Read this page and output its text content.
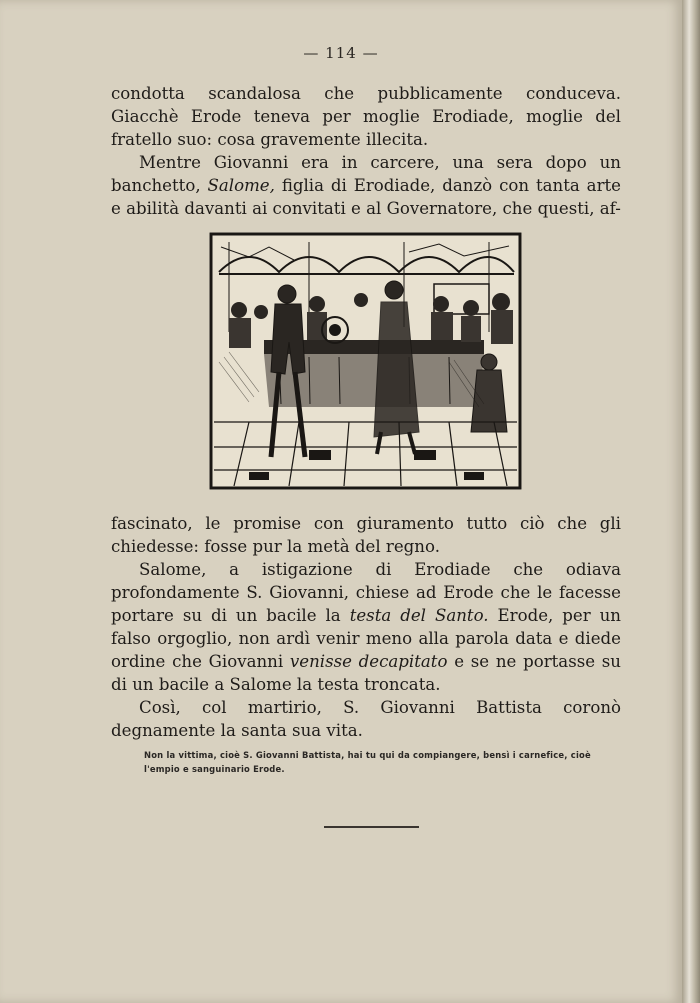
— 114 —

condotta scandalosa che pubblicamente conduceva. Giacchè Erode teneva per moglie Erodiade, moglie del fratello suo: cosa gravemente illecita.

Mentre Giovanni era in carcere, una sera dopo un banchetto, Salome, figlia di Erodiade, danzò con tanta arte e abilità davanti ai convitati e al Governatore, che questi, af-

fascinato, le promise con giuramento tutto ciò che gli chiedesse: fosse pur la metà del regno.

Salome, a istigazione di Erodiade che odiava profondamente S. Giovanni, chiese ad Erode che le facesse portare su di un bacile la testa del Santo. Erode, per un falso orgoglio, non ardì venir meno alla parola data e diede ordine che Giovanni venisse decapitato e se ne portasse su di un bacile a Salome la testa troncata.

Così, col martirio, S. Giovanni Battista coronò degnamente la santa sua vita.

Non la vittima, cioè S. Giovanni Battista, hai tu qui da compiangere, bensì i carnefice, cioè l'empio e sanguinario Erode.
